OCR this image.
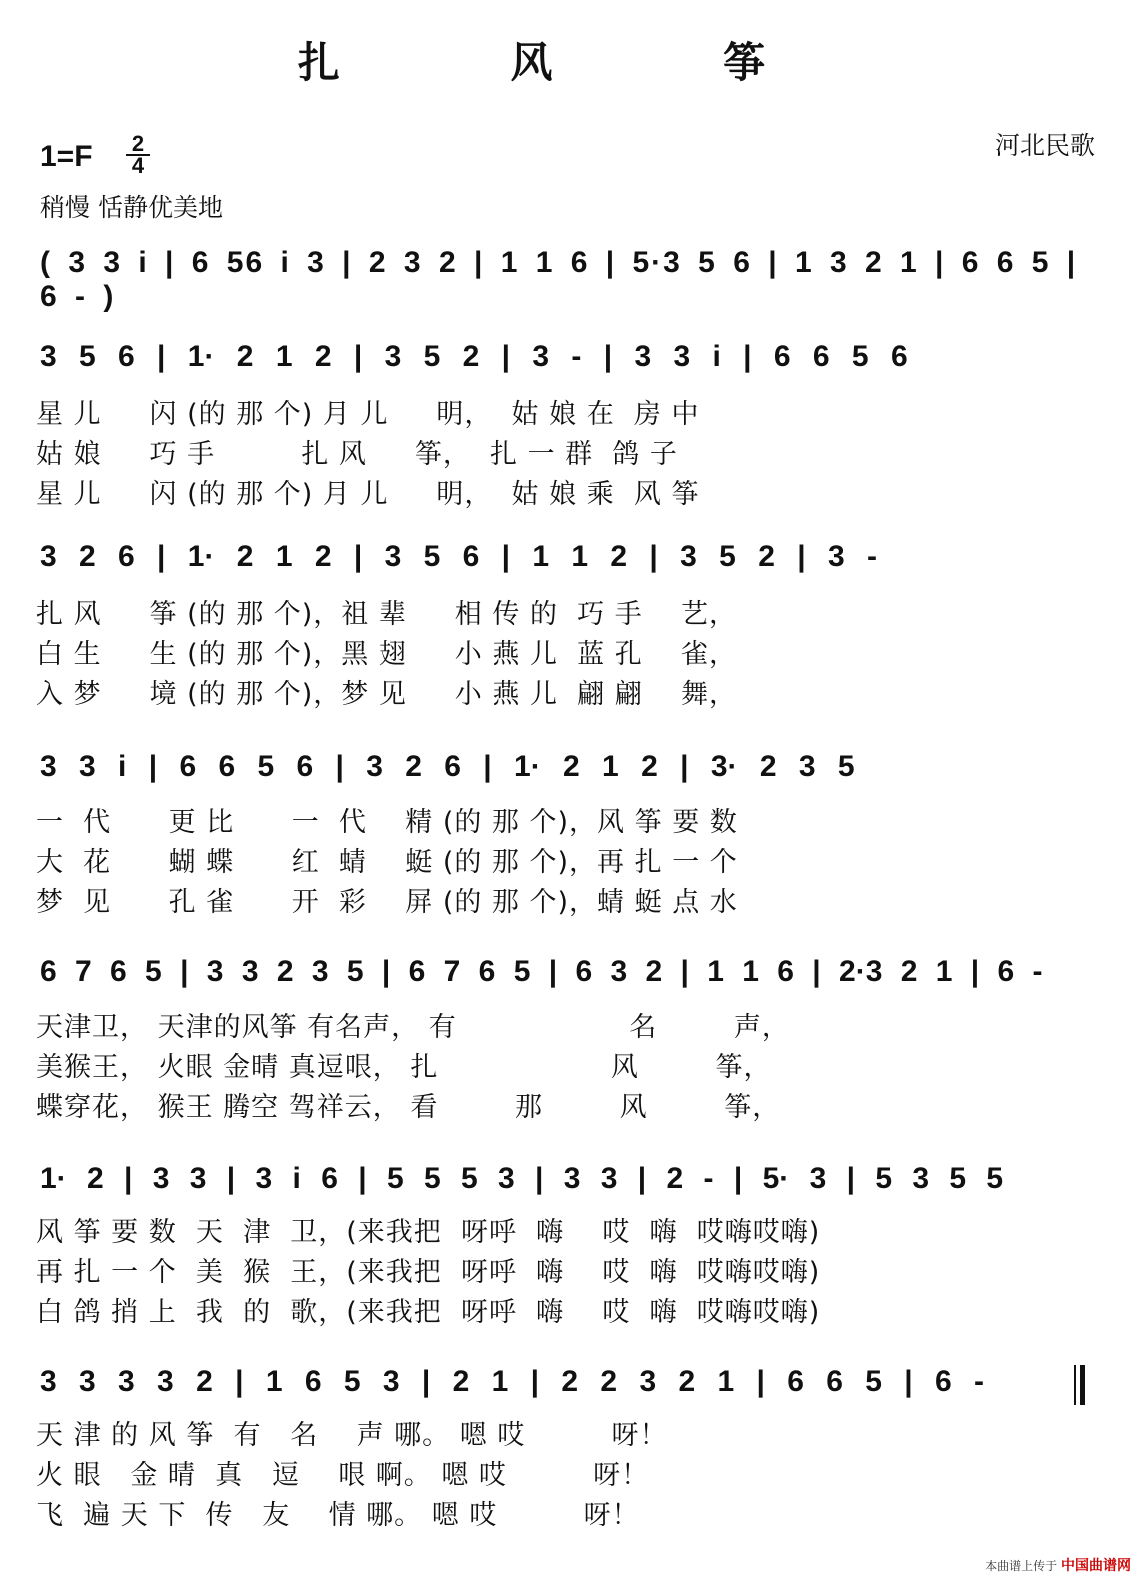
扎 风 筝
河北民歌
1=F 2
4
稍慢 恬静优美地
( 3 3 i | 6 56 i 3 | 2 3 2 | 1 1 6 | 5·3 5 6 | 1 3 2 1 | 6 6 5 | 6 - )
3 5 6 | 1· 2 1 2 | 3 5 2 | 3 - | 3 3 i | 6 6 5 6
星 儿     闪 (的 那 个) 月 儿     明，  姑 娘 在  房 中
姑 娘     巧 手         扎 风     筝，  扎 一 群  鸽 子
星 儿     闪 (的 那 个) 月 儿     明，  姑 娘 乘  风 筝
3 2 6 | 1· 2 1 2 | 3 5 6 | 1 1 2 | 3 5 2 | 3 -
扎 风     筝 (的 那 个)，祖 辈     相 传 的  巧 手    艺，
白 生     生 (的 那 个)，黑 翅     小 燕 儿  蓝 孔    雀，
入 梦     境 (的 那 个)，梦 见     小 燕 儿  翩 翩    舞，
3 3 i | 6 6 5 6 | 3 2 6 | 1· 2 1 2 | 3· 2 3 5
一  代      更 比      一  代    精 (的 那 个)，风 筝 要 数
大  花      蝴 蝶      红  蜻    蜓 (的 那 个)，再 扎 一 个
梦  见      孔 雀      开  彩    屏 (的 那 个)，蜻 蜓 点 水
6 7 6 5 | 3 3 2 3 5 | 6 7 6 5 | 6 3 2 | 1 1 6 | 2·3 2 1 | 6 -
天津卫， 天津的风筝 有名声， 有                  名        声，
美猴王， 火眼 金晴 真逗哏， 扎                  风        筝，
蝶穿花， 猴王 腾空 驾祥云， 看        那        风        筝，
1· 2 | 3 3 | 3 i 6 | 5 5 5 3 | 3 3 | 2 - | 5· 3 | 5 3 5 5
风 筝 要 数  天  津  卫，(来我把  呀呼  嗨    哎  嗨  哎嗨哎嗨)
再 扎 一 个  美  猴  王，(来我把  呀呼  嗨    哎  嗨  哎嗨哎嗨)
白 鸽 捎 上  我  的  歌，(来我把  呀呼  嗨    哎  嗨  哎嗨哎嗨)
3 3 3 3 2 | 1 6 5 3 | 2 1 | 2 2 3 2 1 | 6 6 5 | 6 -
天 津 的 风 筝  有   名    声 哪。 嗯 哎         呀！
火 眼   金 晴  真   逗    哏 啊。 嗯 哎         呀！
飞  遍 天 下  传   友    情 哪。 嗯 哎         呀！
本曲谱上传于 中国曲谱网
